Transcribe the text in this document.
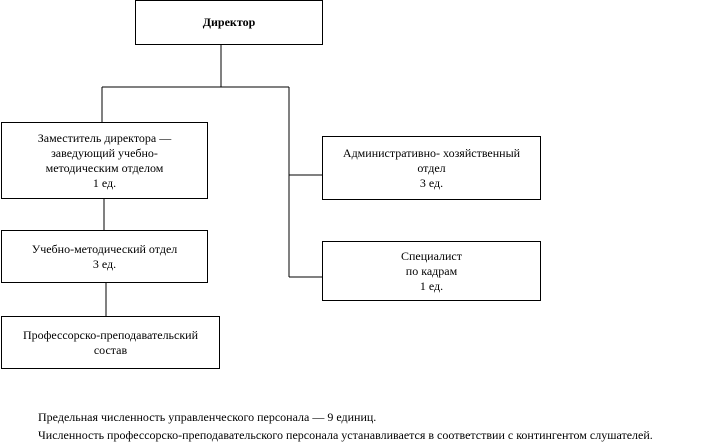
Директор
Заместитель директора —
заведующий учебно-
методическим отделом
1 ед.
Учебно-методический отдел
3 ед.
Профессорско-преподавательский
состав
Административно- хозяйственный
отдел
3 ед.
Специалист
по кадрам
1 ед.
Предельная численность управленческого персонала — 9 единиц.
Численность профессорско-преподавательского персонала устанавливается в соответствии с контингентом слушателей.
